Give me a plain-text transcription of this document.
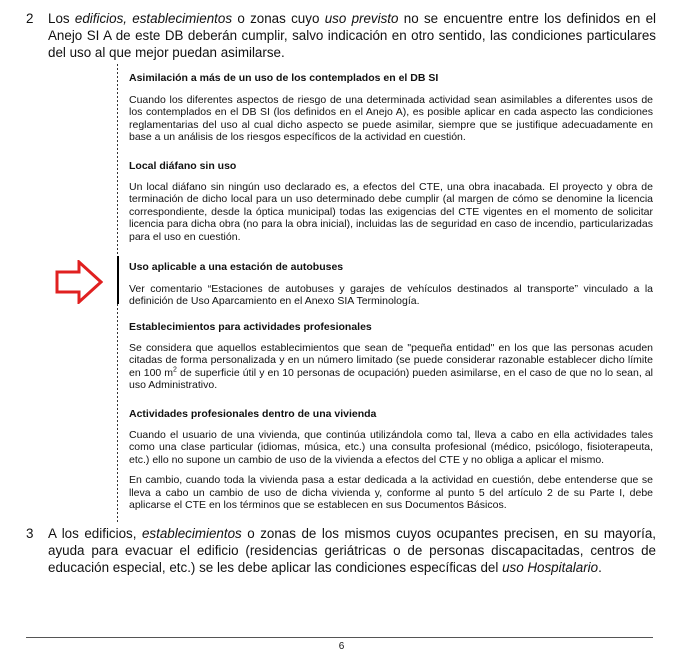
2 Los edificios, establecimientos o zonas cuyo uso previsto no se encuentre entre los definidos en el Anejo SI A de este DB deberán cumplir, salvo indicación en otro sentido, las condiciones particulares del uso al que mejor puedan asimilarse.
Asimilación a más de un uso de los contemplados en el DB SI

Cuando los diferentes aspectos de riesgo de una determinada actividad sean asimilables a diferentes usos de los contemplados en el DB SI (los definidos en el Anejo A), es posible aplicar en cada aspecto las condiciones reglamentarias del uso al cual dicho aspecto se puede asimilar, siempre que se justifique adecuadamente en base a un análisis de los riesgos específicos de la actividad en cuestión.

Local diáfano sin uso

Un local diáfano sin ningún uso declarado es, a efectos del CTE, una obra inacabada. El proyecto y obra de terminación de dicho local para un uso determinado debe cumplir (al margen de cómo se denomine la licencia correspondiente, desde la óptica municipal) todas las exigencias del CTE vigentes en el momento de solicitar licencia para dicha obra (no para la obra inicial), incluidas las de seguridad en caso de incendio, particularizadas para el uso en cuestión.

Uso aplicable a una estación de autobuses

Ver comentario “Estaciones de autobuses y garajes de vehículos destinados al transporte” vinculado a la definición de Uso Aparcamiento en el Anexo SIA Terminología.

Establecimientos para actividades profesionales

Se considera que aquellos establecimientos que sean de "pequeña entidad" en los que las personas acuden citadas de forma personalizada y en un número limitado (se puede considerar razonable establecer dicho límite en 100 $m^2$ de superficie útil y en 10 personas de ocupación) pueden asimilarse, en el caso de que no lo sean, al uso Administrativo.

Actividades profesionales dentro de una vivienda

Cuando el usuario de una vivienda, que continúa utilizándola como tal, lleva a cabo en ella actividades tales como una clase particular (idiomas, música, etc.) una consulta profesional (médico, psicólogo, fisioterapeuta, etc.) ello no supone un cambio de uso de la vivienda a efectos del CTE y no obliga a aplicar el mismo.

En cambio, cuando toda la vivienda pasa a estar dedicada a la actividad en cuestión, debe entenderse que se lleva a cabo un cambio de uso de dicha vivienda y, conforme al punto 5 del artículo 2 de su Parte I, debe aplicarse el CTE en los términos que se establecen en sus Documentos Básicos.

3 A los edificios, establecimientos o zonas de los mismos cuyos ocupantes precisen, en su mayoría, ayuda para evacuar el edificio (residencias geriátricas o de personas discapacitadas, centros de educación especial, etc.) se les debe aplicar las condiciones específicas del uso Hospitalario.
6
